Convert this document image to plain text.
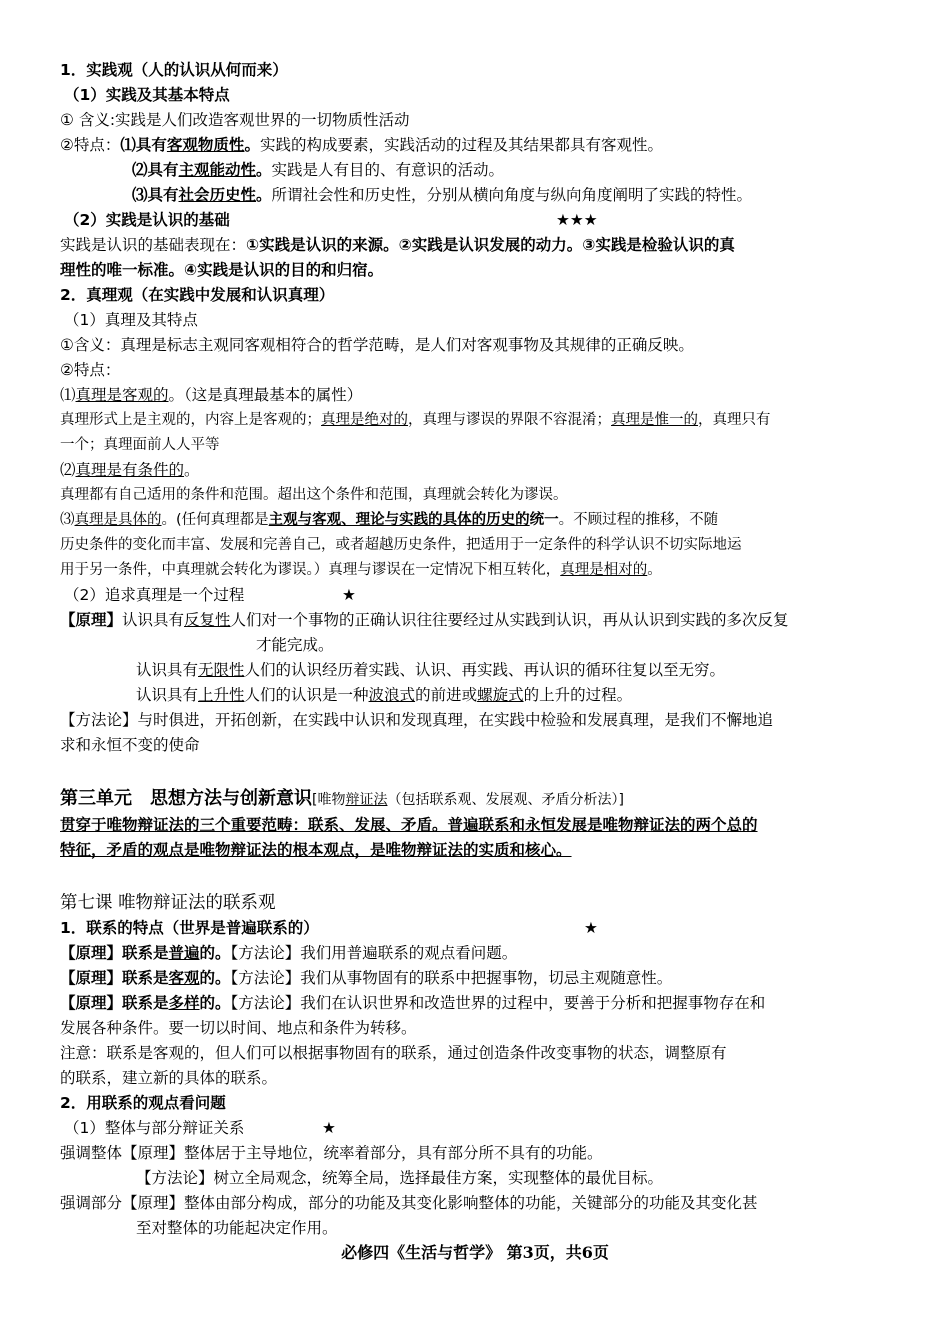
1．实践观（人的认识从何而来）

（1）实践及其基本特点

① 含义:实践是人们改造客观世界的一切物质性活动

②特点：⑴具有客观物质性。实践的构成要素，实践活动的过程及其结果都具有客观性。

⑵具有主观能动性。实践是人有目的、有意识的活动。

⑶具有社会历史性。所谓社会性和历史性，分别从横向角度与纵向角度阐明了实践的特性。

（2）实践是认识的基础	★★★

实践是认识的基础表现在：①实践是认识的来源。②实践是认识发展的动力。③实践是检验认识的真

理性的唯一标准。④实践是认识的目的和归宿。

2．真理观（在实践中发展和认识真理）

（1）真理及其特点

①含义：真理是标志主观同客观相符合的哲学范畴，是人们对客观事物及其规律的正确反映。

②特点：

⑴真理是客观的。（这是真理最基本的属性）

真理形式上是主观的，内容上是客观的；真理是绝对的，真理与谬误的界限不容混淆；真理是惟一的，真理只有

一个；真理面前人人平等

⑵真理是有条件的。

真理都有自己适用的条件和范围。超出这个条件和范围，真理就会转化为谬误。

⑶真理是具体的。(任何真理都是主观与客观、理论与实践的具体的历史的统一。不顾过程的推移，不随

历史条件的变化而丰富、发展和完善自己，或者超越历史条件，把适用于一定条件的科学认识不切实际地运

用于另一条件，中真理就会转化为谬误。）真理与谬误在一定情况下相互转化，真理是相对的。

（2）追求真理是一个过程	★

【原理】认识具有反复性人们对一个事物的正确认识往往要经过从实践到认识，再从认识到实践的多次反复

才能完成。

认识具有无限性人们的认识经历着实践、认识、再实践、再认识的循环往复以至无穷。

认识具有上升性人们的认识是一种波浪式的前进或螺旋式的上升的过程。

【方法论】与时俱进，开拓创新，在实践中认识和发现真理，在实践中检验和发展真理，是我们不懈地追

求和永恒不变的使命

第三单元　思想方法与创新意识[唯物辩证法（包括联系观、发展观、矛盾分析法）]

贯穿于唯物辩证法的三个重要范畴：联系、发展、矛盾。普遍联系和永恒发展是唯物辩证法的两个总的

特征，矛盾的观点是唯物辩证法的根本观点，是唯物辩证法的实质和核心。

第七课 唯物辩证法的联系观

1．联系的特点（世界是普遍联系的）	★

【原理】联系是普遍的。【方法论】我们用普遍联系的观点看问题。

【原理】联系是客观的。【方法论】我们从事物固有的联系中把握事物，切忌主观随意性。

【原理】联系是多样的。【方法论】我们在认识世界和改造世界的过程中，要善于分析和把握事物存在和

发展各种条件。要一切以时间、地点和条件为转移。

注意：联系是客观的，但人们可以根据事物固有的联系，通过创造条件改变事物的状态，调整原有

的联系，建立新的具体的联系。

2．用联系的观点看问题

（1）整体与部分辩证关系	★

强调整体【原理】整体居于主导地位，统率着部分，具有部分所不具有的功能。

【方法论】树立全局观念，统筹全局，选择最佳方案，实现整体的最优目标。

强调部分【原理】整体由部分构成，部分的功能及其变化影响整体的功能，关键部分的功能及其变化甚

至对整体的功能起决定作用。

必修四《生活与哲学》 第3页，共6页
